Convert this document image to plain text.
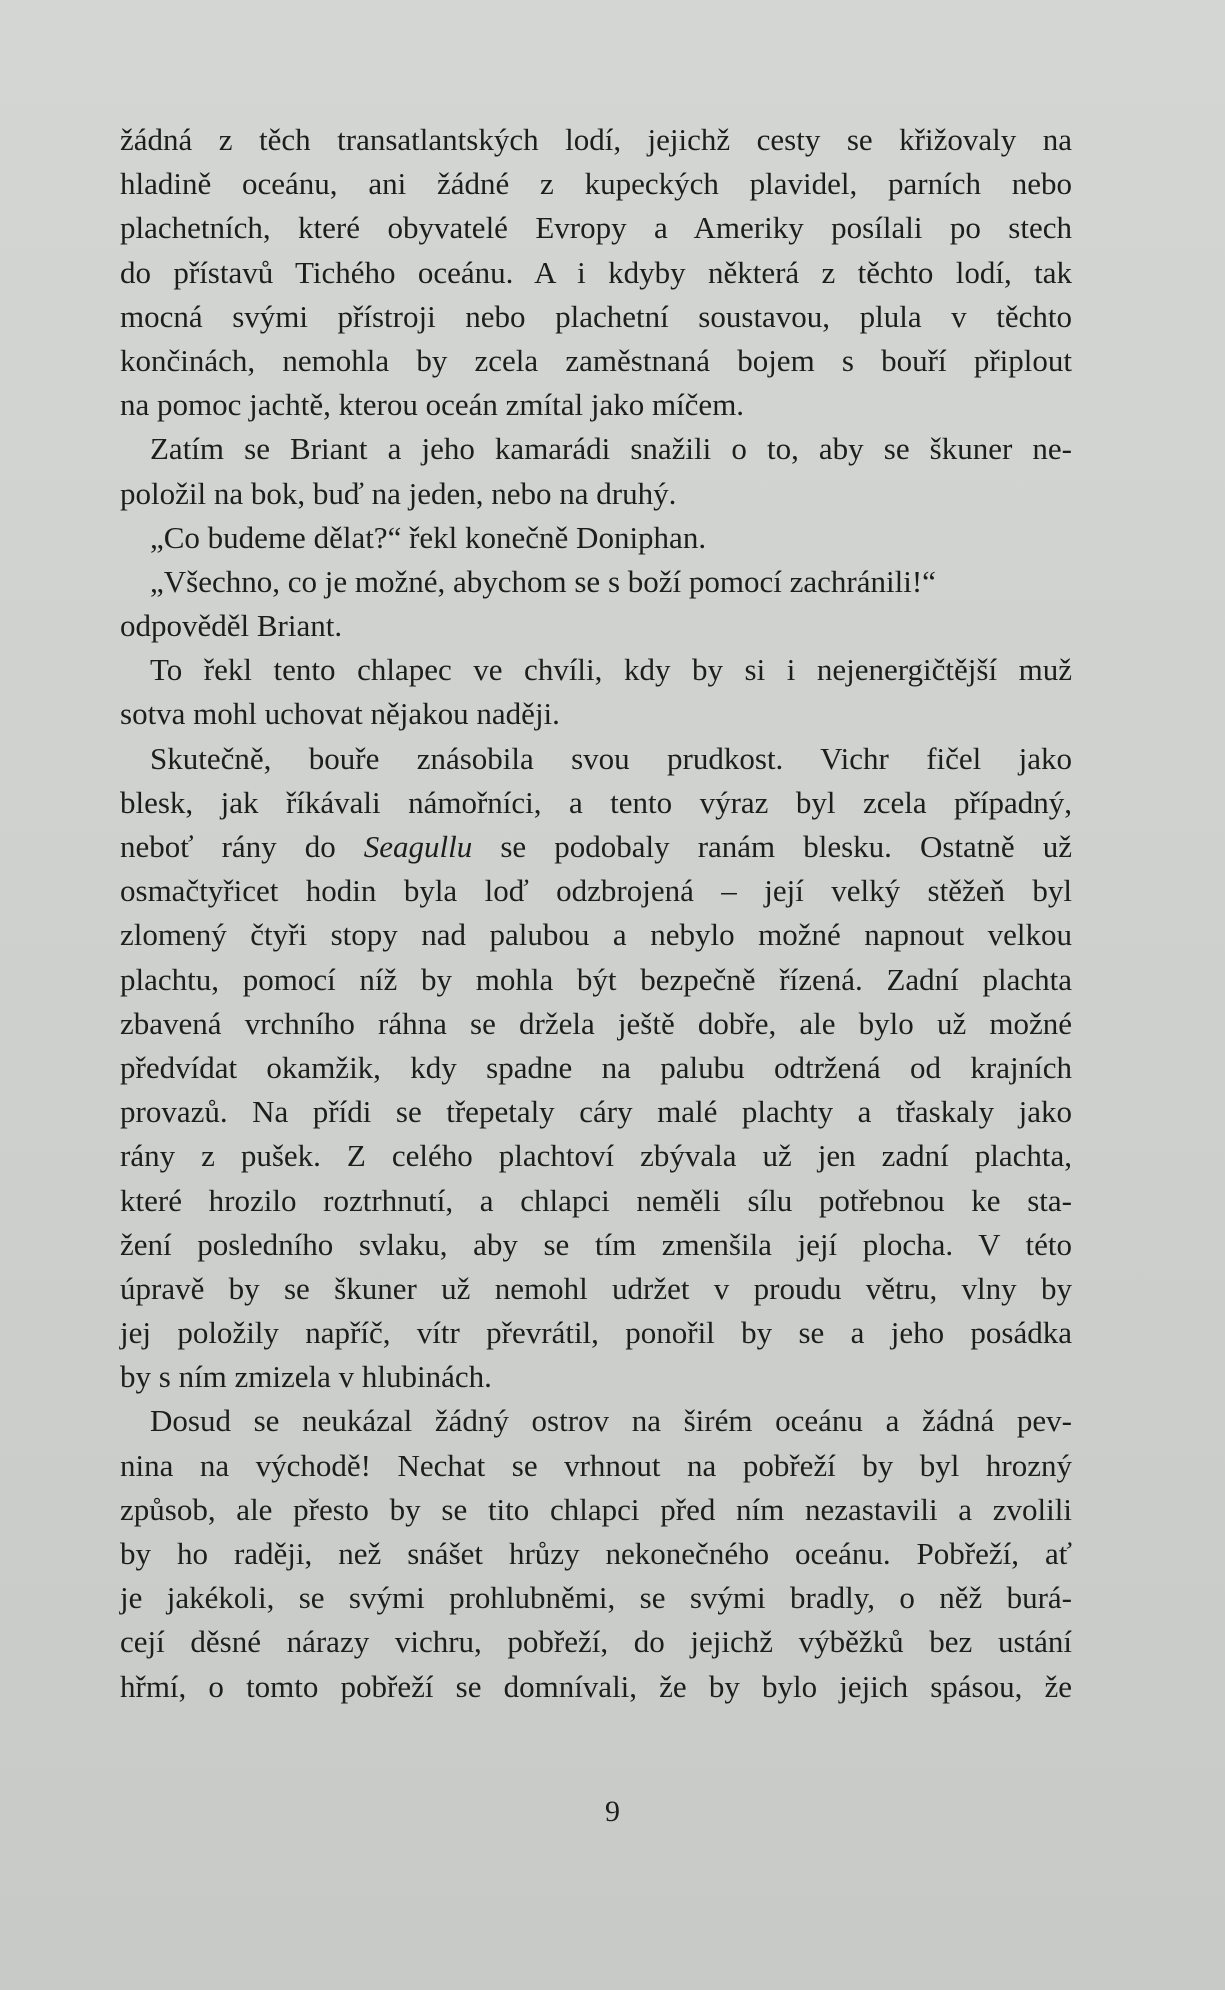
žádná z těch transatlantských lodí, jejichž cesty se křižovaly na
hladině oceánu, ani žádné z kupeckých plavidel, parních nebo
plachetních, které obyvatelé Evropy a Ameriky posílali po stech
do přístavů Tichého oceánu. A i kdyby některá z těchto lodí, tak
mocná svými přístroji nebo plachetní soustavou, plula v těchto
končinách, nemohla by zcela zaměstnaná bojem s bouří připlout
na pomoc jachtě, kterou oceán zmítal jako míčem.
Zatím se Briant a jeho kamarádi snažili o to, aby se škuner ne-
položil na bok, buď na jeden, nebo na druhý.
„Co budeme dělat?“ řekl konečně Doniphan.
„Všechno, co je možné, abychom se s boží pomocí zachránili!“
odpověděl Briant.
To řekl tento chlapec ve chvíli, kdy by si i nejenergičtější muž
sotva mohl uchovat nějakou naději.
Skutečně, bouře znásobila svou prudkost. Vichr fičel jako
blesk, jak říkávali námořníci, a tento výraz byl zcela případný,
neboť rány do Seagullu se podobaly ranám blesku. Ostatně už
osmačtyřicet hodin byla loď odzbrojená – její velký stěžeň byl
zlomený čtyři stopy nad palubou a nebylo možné napnout velkou
plachtu, pomocí níž by mohla být bezpečně řízená. Zadní plachta
zbavená vrchního ráhna se držela ještě dobře, ale bylo už možné
předvídat okamžik, kdy spadne na palubu odtržená od krajních
provazů. Na přídi se třepetaly cáry malé plachty a třaskaly jako
rány z pušek. Z celého plachtoví zbývala už jen zadní plachta,
které hrozilo roztrhnutí, a chlapci neměli sílu potřebnou ke sta-
žení posledního svlaku, aby se tím zmenšila její plocha. V této
úpravě by se škuner už nemohl udržet v proudu větru, vlny by
jej položily napříč, vítr převrátil, ponořil by se a jeho posádka
by s ním zmizela v hlubinách.
Dosud se neukázal žádný ostrov na širém oceánu a žádná pev-
nina na východě! Nechat se vrhnout na pobřeží by byl hrozný
způsob, ale přesto by se tito chlapci před ním nezastavili a zvolili
by ho raději, než snášet hrůzy nekonečného oceánu. Pobřeží, ať
je jakékoli, se svými prohlubněmi, se svými bradly, o něž burá-
cejí děsné nárazy vichru, pobřeží, do jejichž výběžků bez ustání
hřmí, o tomto pobřeží se domnívali, že by bylo jejich spásou, že
9
